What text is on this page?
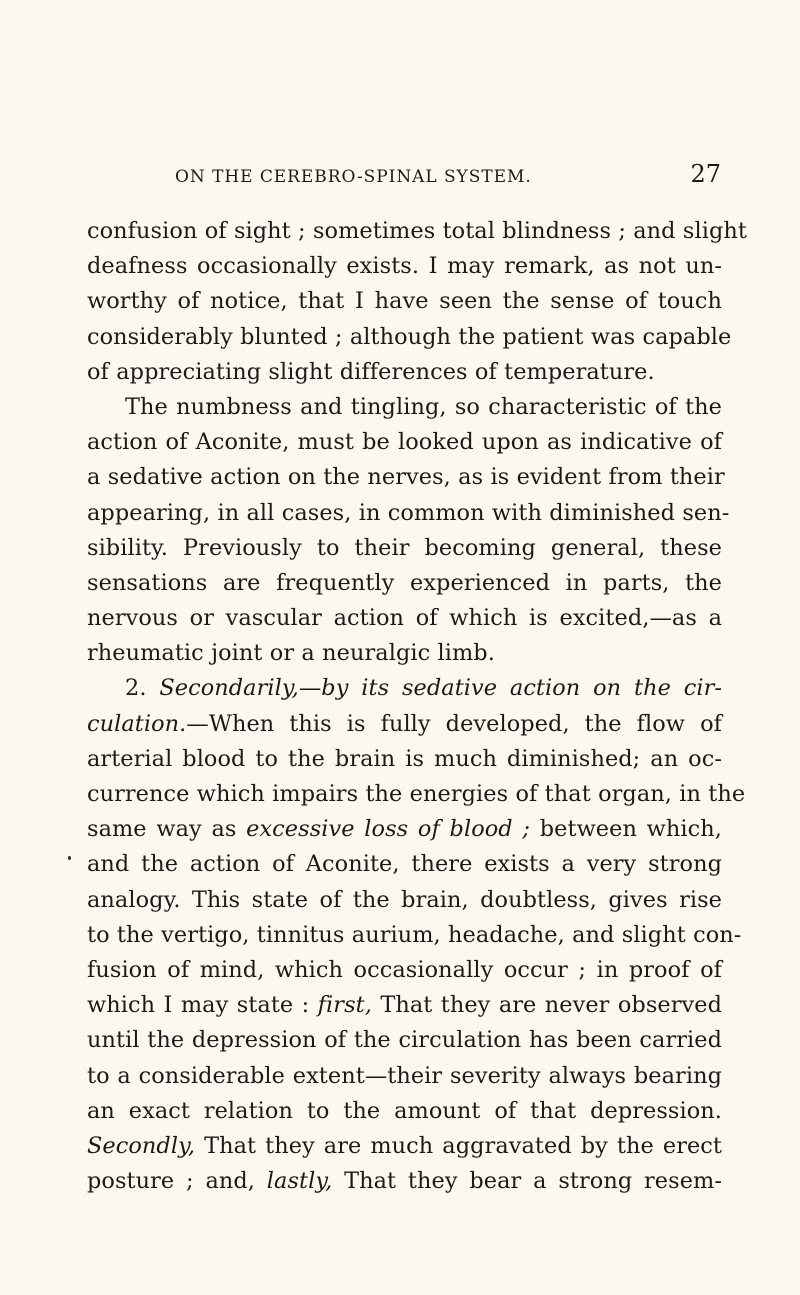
ON THE CEREBRO-SPINAL SYSTEM.	27
confusion of sight ; sometimes total blindness ; and slight
deafness occasionally exists. I may remark, as not un-
worthy of notice, that I have seen the sense of touch
considerably blunted ; although the patient was capable
of appreciating slight differences of temperature.
The numbness and tingling, so characteristic of the
action of Aconite, must be looked upon as indicative of
a sedative action on the nerves, as is evident from their
appearing, in all cases, in common with diminished sen-
sibility. Previously to their becoming general, these
sensations are frequently experienced in parts, the
nervous or vascular action of which is excited,—as a
rheumatic joint or a neuralgic limb.
2. Secondarily,—by its sedative action on the cir-
culation.—When this is fully developed, the flow of
arterial blood to the brain is much diminished; an oc-
currence which impairs the energies of that organ, in the
same way as excessive loss of blood ; between which,
and the action of Aconite, there exists a very strong
analogy. This state of the brain, doubtless, gives rise
to the vertigo, tinnitus aurium, headache, and slight con-
fusion of mind, which occasionally occur ; in proof of
which I may state : first, That they are never observed
until the depression of the circulation has been carried
to a considerable extent—their severity always bearing
an exact relation to the amount of that depression.
Secondly, That they are much aggravated by the erect
posture ; and, lastly, That they bear a strong resem-
